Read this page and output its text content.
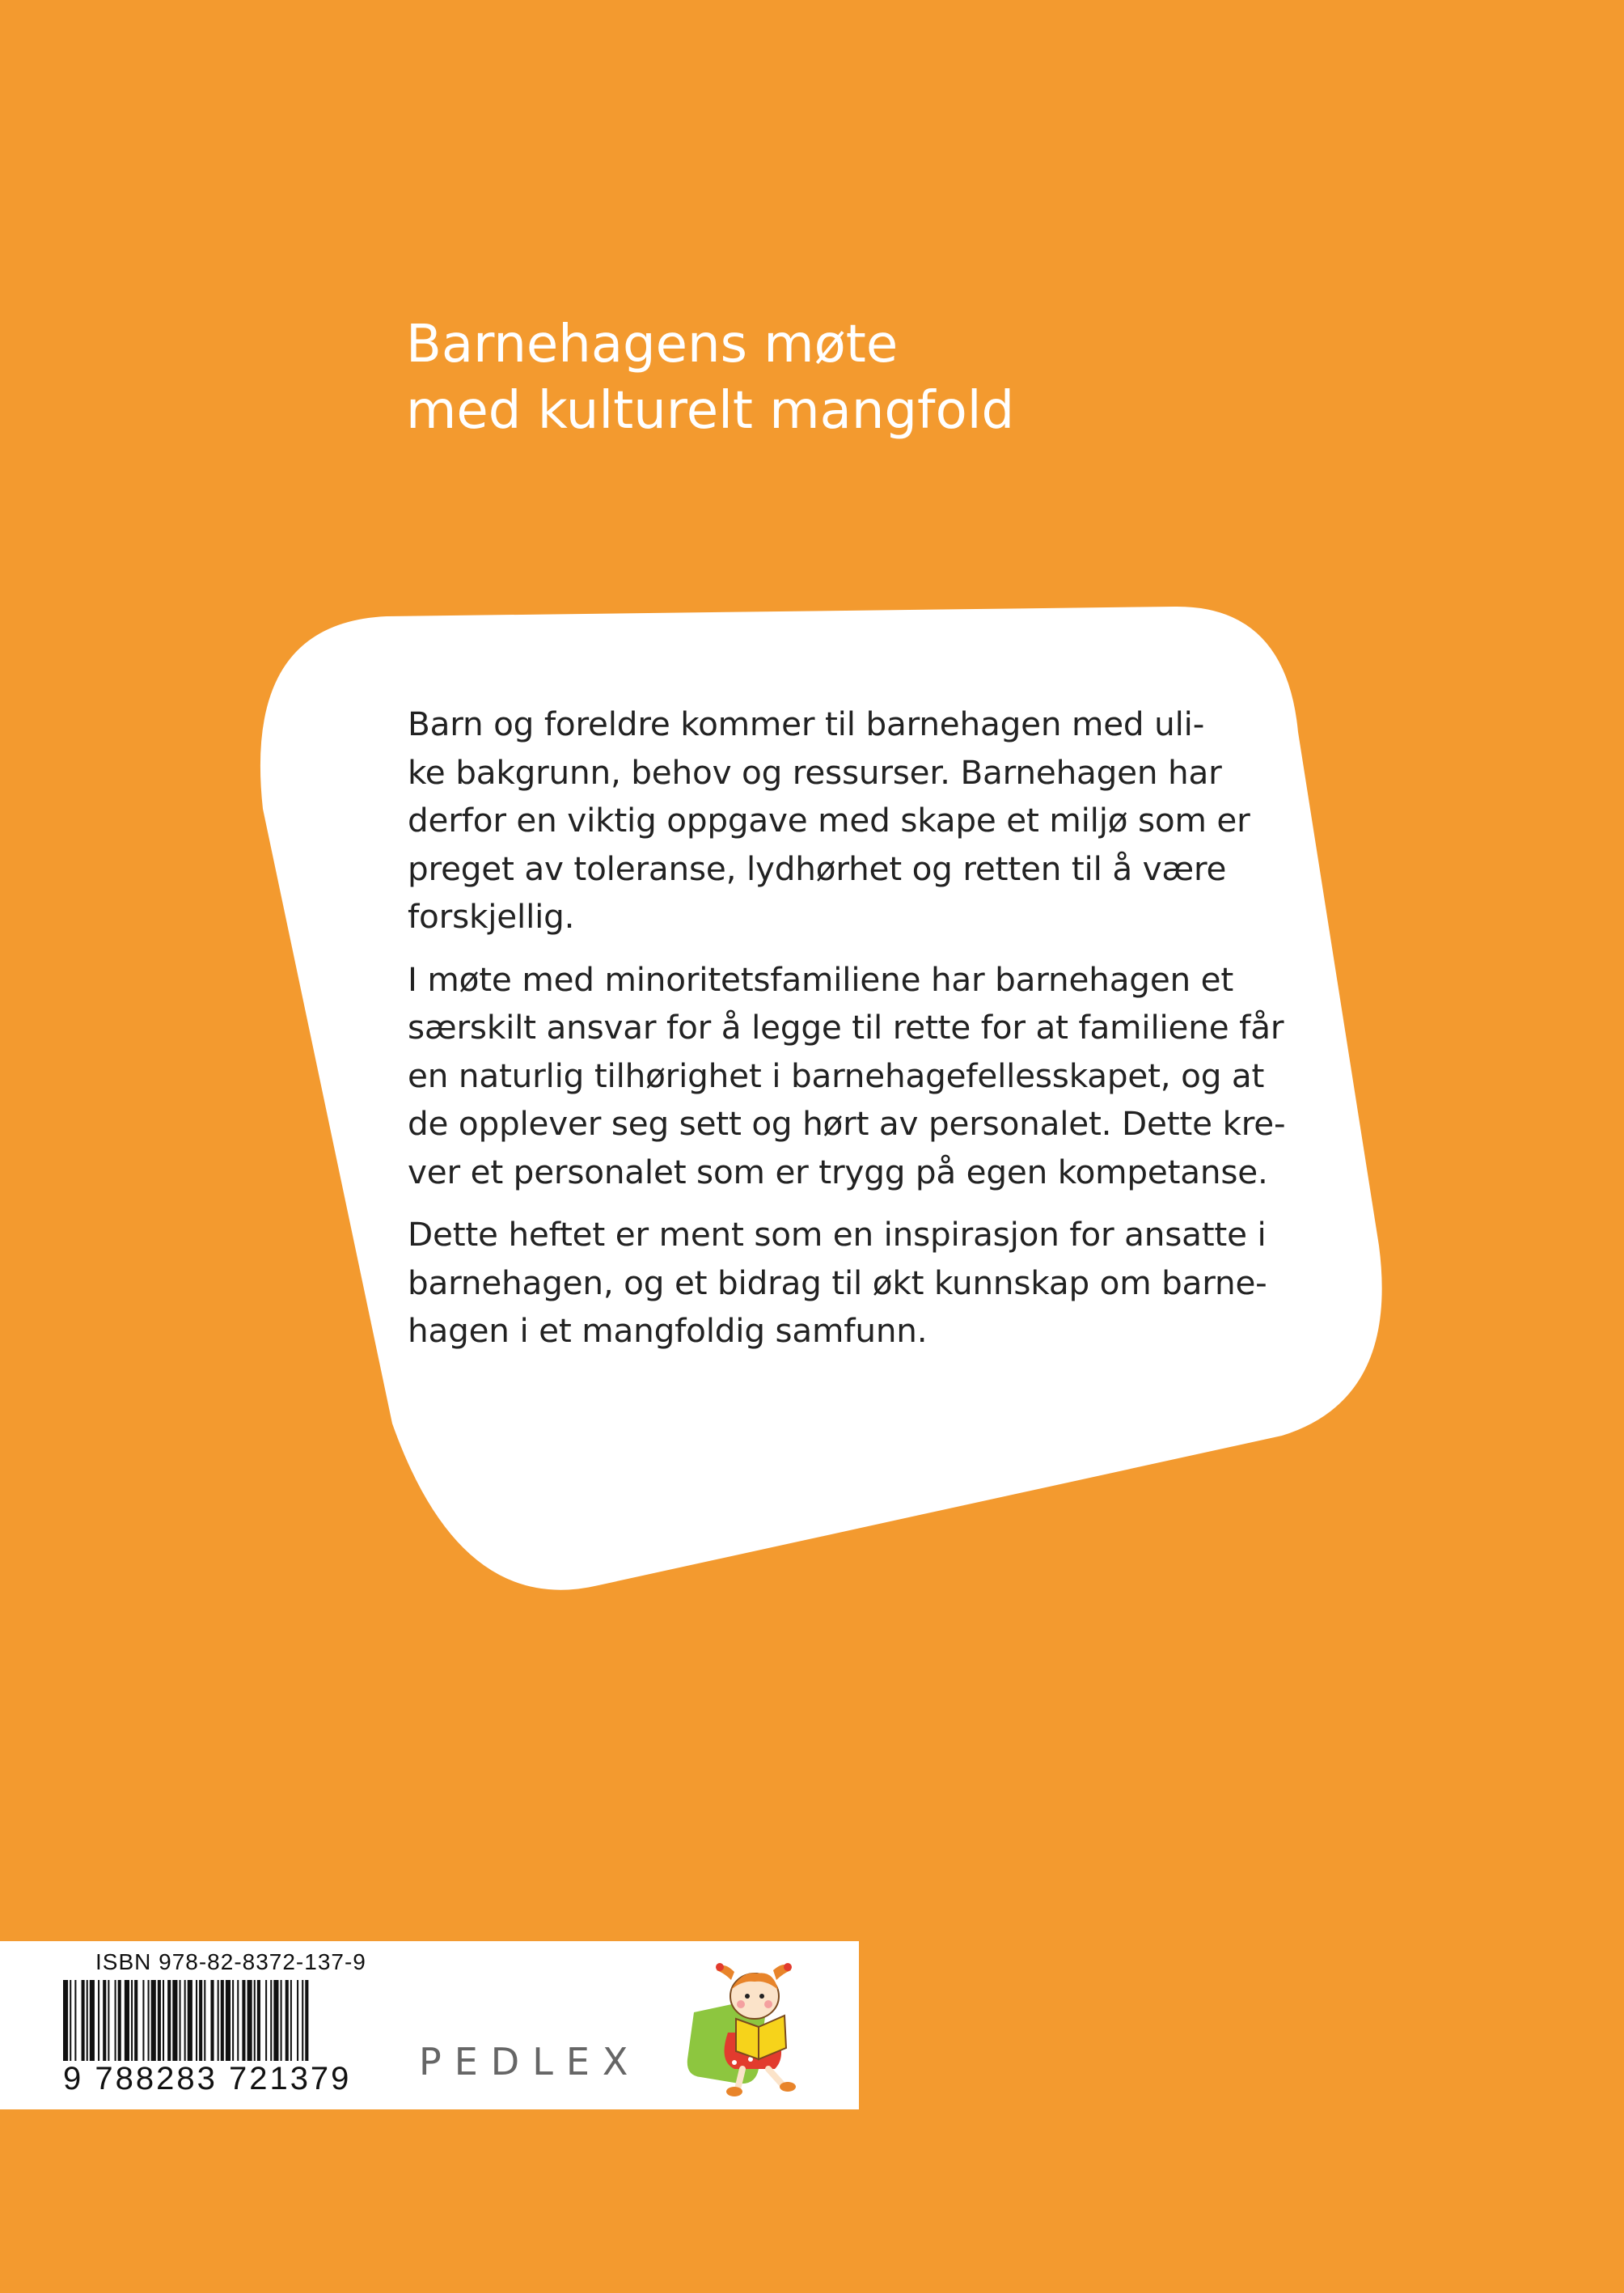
Barnehagens møte
med kulturelt mangfold

Barn og foreldre kommer til barnehagen med uli-
ke bakgrunn, behov og ressurser. Barnehagen har
derfor en viktig oppgave med skape et miljø som er
preget av toleranse, lydhørhet og retten til å være
forskjellig.

I møte med minoritetsfamiliene har barnehagen et
særskilt ansvar for å legge til rette for at familiene får
en naturlig tilhørighet i barnehagefellesskapet, og at
de opplever seg sett og hørt av personalet. Dette kre-
ver et personalet som er trygg på egen kompetanse.

Dette heftet er ment som en inspirasjon for ansatte i
barnehagen, og et bidrag til økt kunnskap om barne-
hagen i et mangfoldig samfunn.

ISBN 978-82-8372-137-9
9 788283 721379 PEDLEX
